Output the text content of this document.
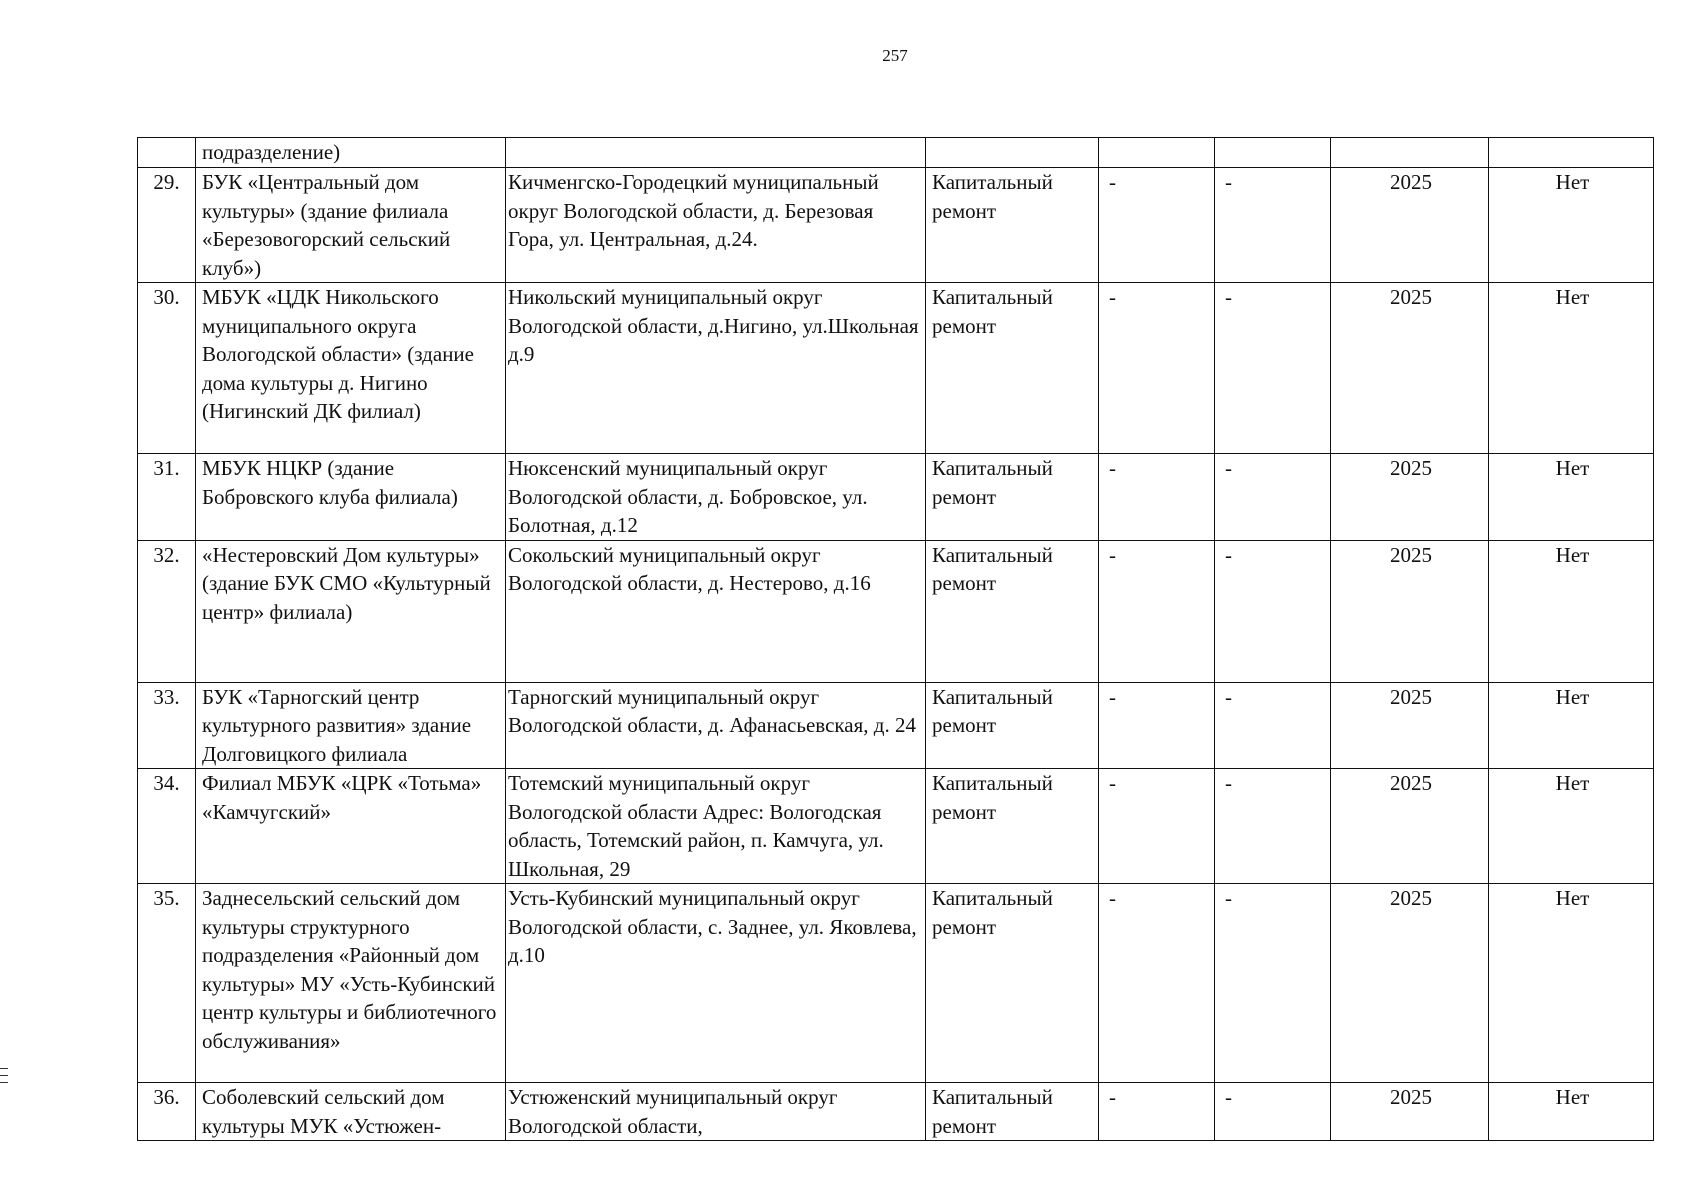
257
	подразделение)						
29.	БУК «Центральный дом культуры» (здание филиала «Березовогорский сельский клуб»)	Кичменгско-Городецкий муниципальный округ Вологодской области, д. Березовая Гора, ул. Центральная, д.24.	Капитальный ремонт	-	-	2025	Нет
30.	МБУК «ЦДК Никольского муниципального округа Вологодской области» (здание дома культуры д. Нигино (Нигинский ДК филиал)	Никольский муниципальный округ Вологодской области, д.Нигино, ул.Школьная д.9	Капитальный ремонт	-	-	2025	Нет
31.	МБУК НЦКР (здание Бобровского клуба филиала)	Нюксенский муниципальный округ Вологодской области, д. Бобровское, ул. Болотная, д.12	Капитальный ремонт	-	-	2025	Нет
32.	«Нестеровский Дом культуры» (здание БУК СМО «Культурный центр» филиала)	Сокольский муниципальный округ Вологодской области, д. Нестерово, д.16	Капитальный ремонт	-	-	2025	Нет
33.	БУК «Тарногский центр культурного развития» здание Долговицкого филиала	Тарногский муниципальный округ Вологодской области, д. Афанасьевская, д. 24	Капитальный ремонт	-	-	2025	Нет
34.	Филиал МБУК «ЦРК «Тотьма» «Камчугский»	Тотемский муниципальный округ Вологодской области Адрес: Вологодская область, Тотемский район, п. Камчуга, ул. Школьная, 29	Капитальный ремонт	-	-	2025	Нет
35.	Заднесельский сельский дом культуры структурного подразделения «Районный дом культуры» МУ «Усть-Кубинский центр культуры и библиотечного обслуживания»	Усть-Кубинский муниципальный округ Вологодской области, с. Заднее, ул. Яковлева, д.10	Капитальный ремонт	-	-	2025	Нет
36.	Соболевский сельский дом культуры МУК «Устюжен-	Устюженский муниципальный округ Вологодской области,	Капитальный ремонт	-	-	2025	Нет
